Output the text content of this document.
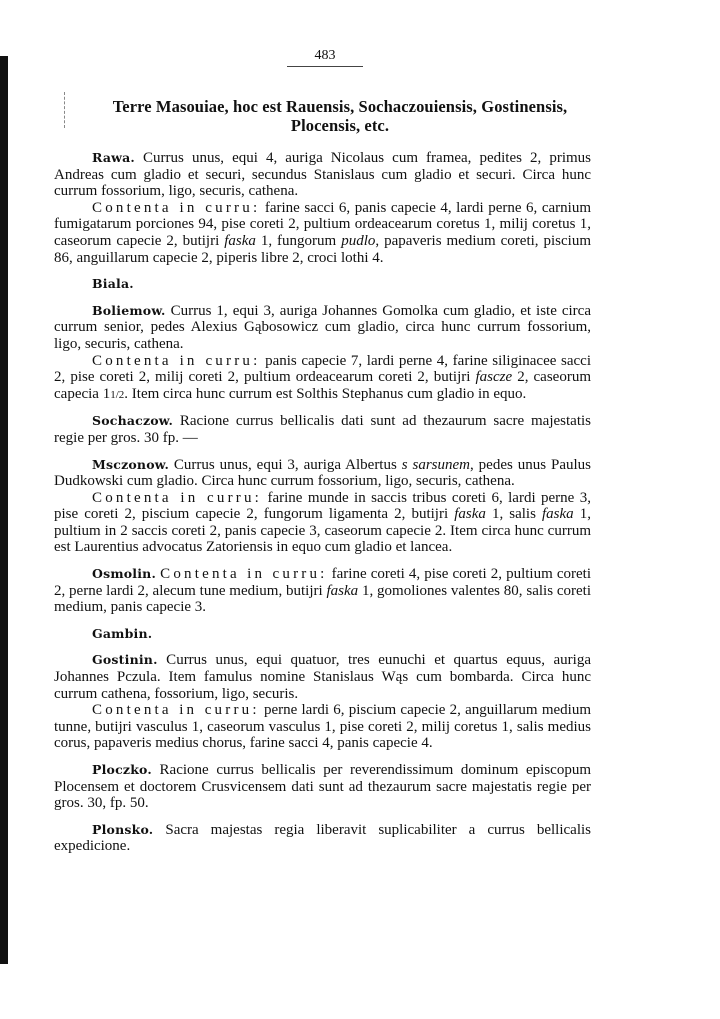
483
Terre Masouiae, hoc est Rauensis, Sochaczouiensis, Gostinensis,
Plocensis, etc.

Rawa. Currus unus, equi 4, auriga Nicolaus cum framea, pedites 2, primus Andreas cum gladio et securi, secundus Stanislaus cum gladio et securi. Circa hunc currum fossorium, ligo, securis, cathena.

Contenta in curru: farine sacci 6, panis capecie 4, lardi perne 6, carnium fumigatarum porciones 94, pise coreti 2, pultium ordeacearum coretus 1, milij coretus 1, caseorum capecie 2, butijri faska 1, fungorum pudlo, papaveris medium coreti, piscium 86, anguillarum capecie 2, piperis libre 2, croci lothi 4.

Biala.

Boliemow. Currus 1, equi 3, auriga Johannes Gomolka cum gladio, et iste circa currum senior, pedes Alexius Gąbosowicz cum gladio, circa hunc currum fossorium, ligo, securis, cathena.

Contenta in curru: panis capecie 7, lardi perne 4, farine siliginacee sacci 2, pise coreti 2, milij coreti 2, pultium ordeacearum coreti 2, butijri fascze 2, caseorum capecia 11/2. Item circa hunc currum est Solthis Stephanus cum gladio in equo.

Sochaczow. Racione currus bellicalis dati sunt ad thezaurum sacre majestatis regie per gros. 30 fp. —

Msczonow. Currus unus, equi 3, auriga Albertus s sarsunem, pedes unus Paulus Dudkowski cum gladio. Circa hunc currum fossorium, ligo, securis, cathena.

Contenta in curru: farine munde in saccis tribus coreti 6, lardi perne 3, pise coreti 2, piscium capecie 2, fungorum ligamenta 2, butijri faska 1, salis faska 1, pultium in 2 saccis coreti 2, panis capecie 3, caseorum capecie 2. Item circa hunc currum est Laurentius advocatus Zatoriensis in equo cum gladio et lancea.

Osmolin. Contenta in curru: farine coreti 4, pise coreti 2, pultium coreti 2, perne lardi 2, alecum tune medium, butijri faska 1, gomoliones valentes 80, salis coreti medium, panis capecie 3.

Gambin.

Gostinin. Currus unus, equi quatuor, tres eunuchi et quartus equus, auriga Johannes Pczula. Item famulus nomine Stanislaus Wąs cum bombarda. Circa hunc currum cathena, fossorium, ligo, securis.

Contenta in curru: perne lardi 6, piscium capecie 2, anguillarum medium tunne, butijri vasculus 1, caseorum vasculus 1, pise coreti 2, milij coretus 1, salis medius corus, papaveris medius chorus, farine sacci 4, panis capecie 4.

Ploczko. Racione currus bellicalis per reverendissimum dominum episcopum Plocensem et doctorem Crusvicensem dati sunt ad thezaurum sacre majestatis regie per gros. 30, fp. 50.

Plonsko. Sacra majestas regia liberavit suplicabiliter a currus bellicalis expedicione.
